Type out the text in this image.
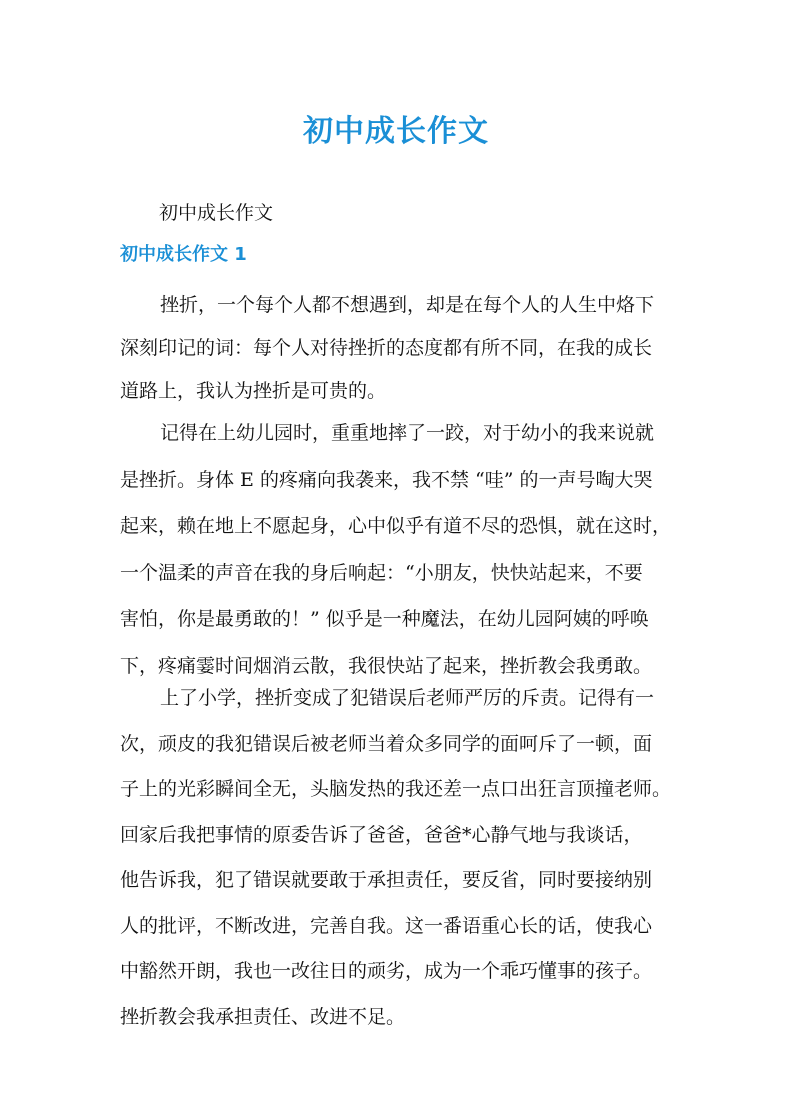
初中成长作文
初中成长作文
初中成长作文 1
挫折，一个每个人都不想遇到，却是在每个人的人生中烙下
深刻印记的词：每个人对待挫折的态度都有所不同，在我的成长
道路上，我认为挫折是可贵的。
记得在上幼儿园时，重重地摔了一跤，对于幼小的我来说就
是挫折。身体 E 的疼痛向我袭来，我不禁 “哇” 的一声号啕大哭
起来，赖在地上不愿起身，心中似乎有道不尽的恐惧，就在这时，
一个温柔的声音在我的身后响起：“小朋友，快快站起来，不要
害怕，你是最勇敢的！” 似乎是一种魔法，在幼儿园阿姨的呼唤
下，疼痛霎时间烟消云散，我很快站了起来，挫折教会我勇敢。
上了小学，挫折变成了犯错误后老师严厉的斥责。记得有一
次，顽皮的我犯错误后被老师当着众多同学的面呵斥了一顿，面
子上的光彩瞬间全无，头脑发热的我还差一点口出狂言顶撞老师。
回家后我把事情的原委告诉了爸爸，爸爸*心静气地与我谈话，
他告诉我，犯了错误就要敢于承担责任，要反省，同时要接纳别
人的批评，不断改进，完善自我。这一番语重心长的话，使我心
中豁然开朗，我也一改往日的顽劣，成为一个乖巧懂事的孩子。
挫折教会我承担责任、改进不足。
